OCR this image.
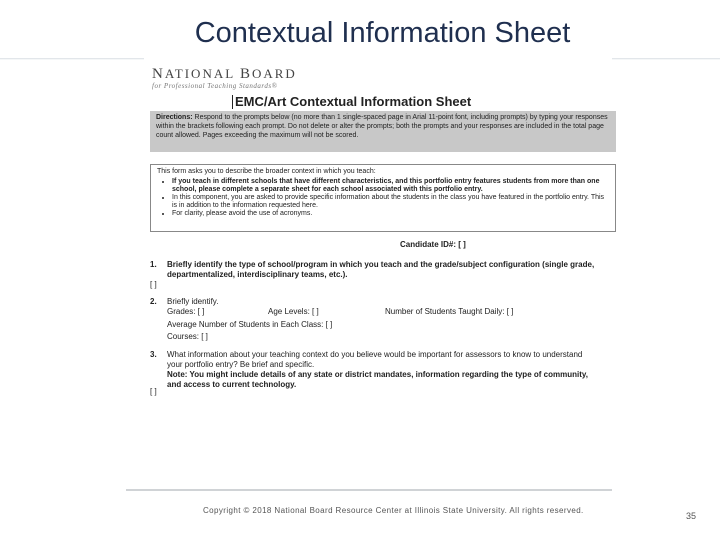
Contextual Information Sheet
NATIONAL BOARD
for Professional Teaching Standards®
EMC/Art Contextual Information Sheet
Directions: Respond to the prompts below (no more than 1 single-spaced page in Arial 11-point font, including prompts) by typing your responses within the brackets following each prompt. Do not delete or alter the prompts; both the prompts and your responses are included in the total page count allowed. Pages exceeding the maximum will not be scored.
This form asks you to describe the broader context in which you teach:
• If you teach in different schools that have different characteristics, and this portfolio entry features students from more than one school, please complete a separate sheet for each school associated with this portfolio entry.
• In this component, you are asked to provide specific information about the students in the class you have featured in the portfolio entry. This is in addition to the information requested here.
• For clarity, please avoid the use of acronyms.
Candidate ID#: [ ]
1. Briefly identify the type of school/program in which you teach and the grade/subject configuration (single grade, departmentalized, interdisciplinary teams, etc.).
[ ]
2. Briefly identify.
Grades: [ ]	Age Levels: [ ]	Number of Students Taught Daily: [ ]
Average Number of Students in Each Class: [ ]
Courses: [ ]
3. What information about your teaching context do you believe would be important for assessors to know to understand your portfolio entry? Be brief and specific.
Note: You might include details of any state or district mandates, information regarding the type of community, and access to current technology.
[ ]
Copyright © 2018 National Board Resource Center at Illinois State University. All rights reserved.
35
